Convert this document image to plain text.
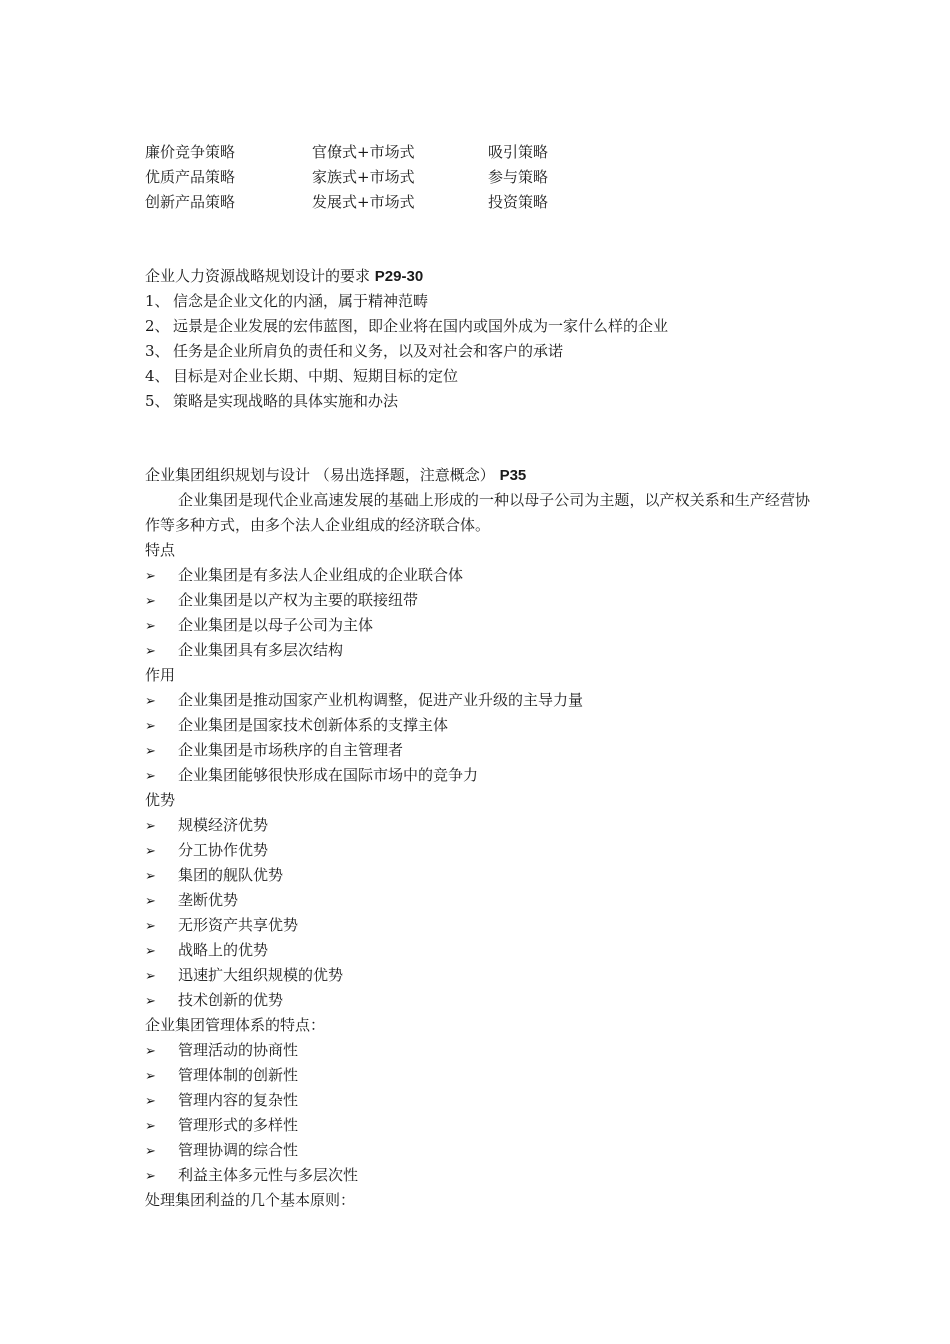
廉价竞争策略	官僚式+市场式	吸引策略
优质产品策略	家族式+市场式	参与策略
创新产品策略	发展式+市场式	投资策略
企业人力资源战略规划设计的要求 P29-30
1、 信念是企业文化的内涵，属于精神范畴
2、 远景是企业发展的宏伟蓝图，即企业将在国内或国外成为一家什么样的企业
3、 任务是企业所肩负的责任和义务，以及对社会和客户的承诺
4、 目标是对企业长期、中期、短期目标的定位
5、 策略是实现战略的具体实施和办法
企业集团组织规划与设计 （易出选择题，注意概念） P35
企业集团是现代企业高速发展的基础上形成的一种以母子公司为主题，以产权关系和生产经营协作等多种方式，由多个法人企业组成的经济联合体。
特点
➢ 企业集团是有多法人企业组成的企业联合体
➢ 企业集团是以产权为主要的联接纽带
➢ 企业集团是以母子公司为主体
➢ 企业集团具有多层次结构
作用
➢ 企业集团是推动国家产业机构调整，促进产业升级的主导力量
➢ 企业集团是国家技术创新体系的支撑主体
➢ 企业集团是市场秩序的自主管理者
➢ 企业集团能够很快形成在国际市场中的竞争力
优势
➢ 规模经济优势
➢ 分工协作优势
➢ 集团的舰队优势
➢ 垄断优势
➢ 无形资产共享优势
➢ 战略上的优势
➢ 迅速扩大组织规模的优势
➢ 技术创新的优势
企业集团管理体系的特点：
➢ 管理活动的协商性
➢ 管理体制的创新性
➢ 管理内容的复杂性
➢ 管理形式的多样性
➢ 管理协调的综合性
➢ 利益主体多元性与多层次性
处理集团利益的几个基本原则：
